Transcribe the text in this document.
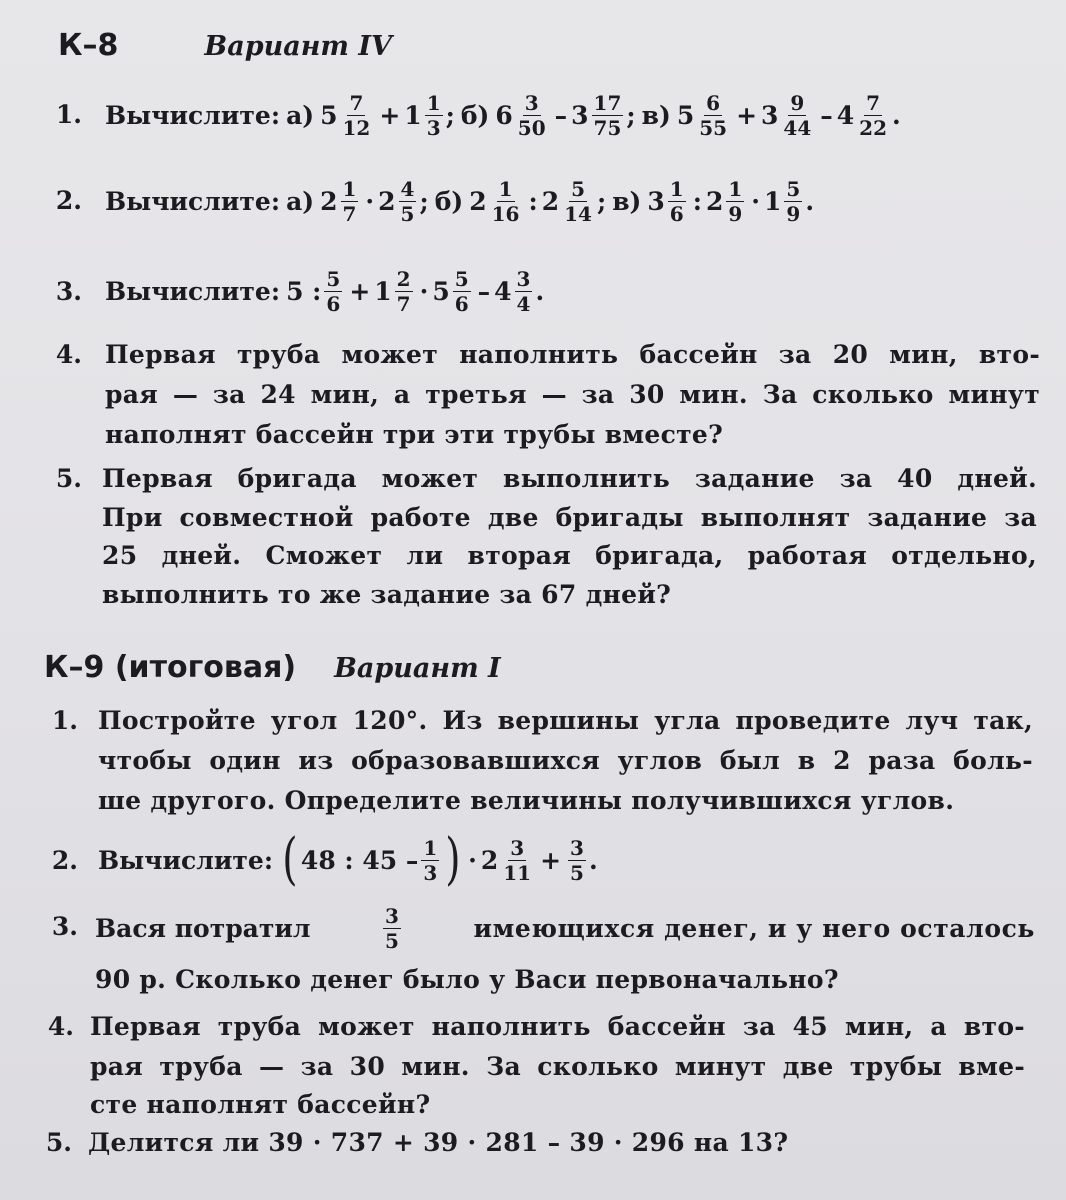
К–8	Вариант IV
1. Вычислите: а) $5 \frac{7}{12} + 1 \frac{1}{3}$ ; б) $6 \frac{3}{50} - 3 \frac{17}{75}$ ; в) $5 \frac{6}{55} + 3 \frac{9}{44} - 4 \frac{7}{22}$ .
2. Вычислите: а) $2 \frac{1}{7} \cdot 2 \frac{4}{5}$ ; б) $2 \frac{1}{16}$ : $2 \frac{5}{14}$ ; в) $3 \frac{1}{6}$ : $2 \frac{1}{9} \cdot 1 \frac{5}{9}$ .
3. Вычислите: 5 : $\frac{5}{6} + 1 \frac{2}{7} \cdot 5 \frac{5}{6} - 4 \frac{3}{4}$ .
4. Первая труба может наполнить бассейн за 20 мин, вто-
рая — за 24 мин, а третья — за 30 мин. За сколько минут
наполнят бассейн три эти трубы вместе?
5. Первая бригада может выполнить задание за 40 дней.
При совместной работе две бригады выполнят задание за
25 дней. Сможет ли вторая бригада, работая отдельно,
выполнить то же задание за 67 дней?
К–9 (итоговая) Вариант I
1. Постройте угол 120°. Из вершины угла проведите луч так,
чтобы один из образовавшихся углов был в 2 раза боль-
ше другого. Определите величины получившихся углов.
2. Вычислите: ( 48 : $45 - \frac{1}{3}$ ) · $2 \frac{3}{11} + \frac{3}{5}$ .
3. Вася потратил	$\frac{3}{5}$	имеющихся денег, и у него осталось
90 р. Сколько денег было у Васи первоначально?
4. Первая труба может наполнить бассейн за 45 мин, а вто-
рая труба — за 30 мин. За сколько минут две трубы вме-
сте наполнят бассейн?
5. Делится ли 39 · 737 + 39 · 281 – 39 · 296 на 13?
